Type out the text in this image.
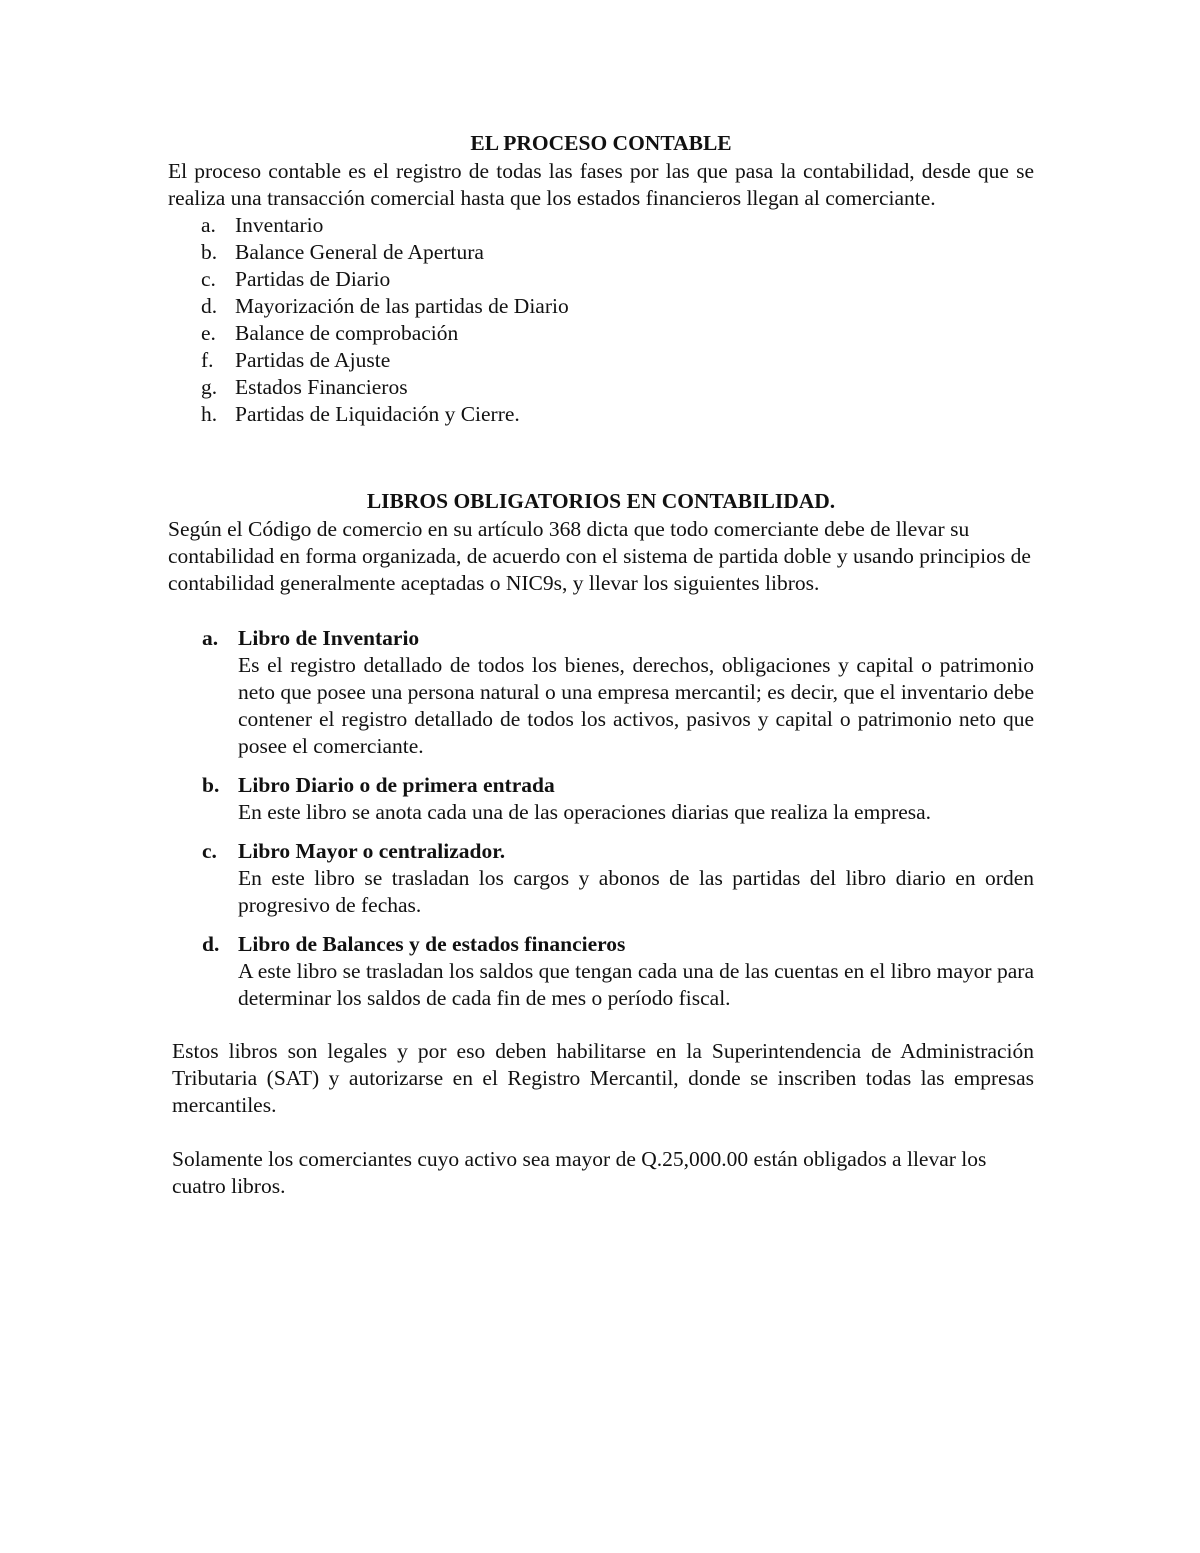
EL PROCESO CONTABLE

El proceso contable es el registro de todas las fases por las que pasa la contabilidad, desde que se realiza una transacción comercial hasta que los estados financieros llegan al comerciante.

a. Inventario
b. Balance General de Apertura
c. Partidas de Diario
d. Mayorización de las partidas de Diario
e. Balance de comprobación
f. Partidas de Ajuste
g. Estados Financieros
h. Partidas de Liquidación y Cierre.
LIBROS OBLIGATORIOS EN CONTABILIDAD.

Según el Código de comercio en su artículo 368 dicta que todo comerciante debe de llevar su contabilidad en forma organizada, de acuerdo con el sistema de partida doble y usando principios de contabilidad generalmente aceptadas o NIC9s, y llevar los siguientes libros.

a. Libro de Inventario
Es el registro detallado de todos los bienes, derechos, obligaciones y capital o patrimonio neto que posee una persona natural o una empresa mercantil; es decir, que el inventario debe contener el registro detallado de todos los activos, pasivos y capital o patrimonio neto que posee el comerciante.
b. Libro Diario o de primera entrada
En este libro se anota cada una de las operaciones diarias que realiza la empresa.
c. Libro Mayor o centralizador.
En este libro se trasladan los cargos y abonos de las partidas del libro diario en orden progresivo de fechas.
d. Libro de Balances y de estados financieros
A este libro se trasladan los saldos que tengan cada una de las cuentas en el libro mayor para determinar los saldos de cada fin de mes o período fiscal.

Estos libros son legales y por eso deben habilitarse en la Superintendencia de Administración Tributaria (SAT) y autorizarse en el Registro Mercantil, donde se inscriben todas las empresas mercantiles.

Solamente los comerciantes cuyo activo sea mayor de Q.25,000.00 están obligados a llevar los cuatro libros.
